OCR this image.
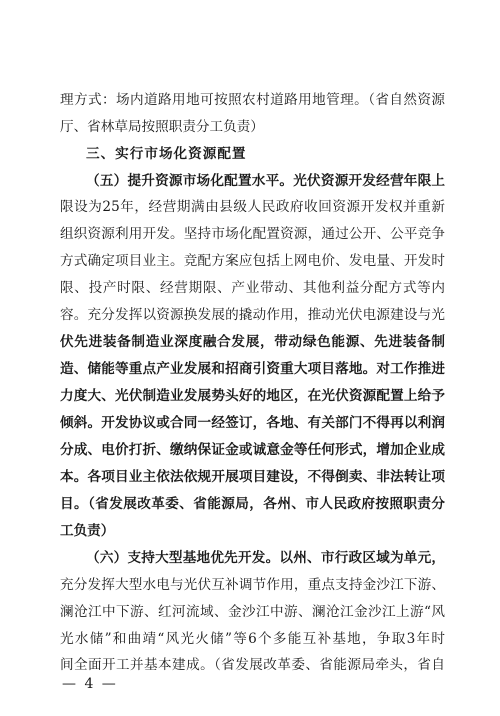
理方式：场内道路用地可按照农村道路用地管理。（省自然资源
厅、省林草局按照职责分工负责）
三、实行市场化资源配置
（五）提升资源市场化配置水平。光伏资源开发经营年限上
限设为25年，经营期满由县级人民政府收回资源开发权并重新
组织资源利用开发。坚持市场化配置资源，通过公开、公平竞争
方式确定项目业主。竞配方案应包括上网电价、发电量、开发时
限、投产时限、经营期限、产业带动、其他利益分配方式等内
容。充分发挥以资源换发展的撬动作用，推动光伏电源建设与光
伏先进装备制造业深度融合发展，带动绿色能源、先进装备制
造、储能等重点产业发展和招商引资重大项目落地。对工作推进
力度大、光伏制造业发展势头好的地区，在光伏资源配置上给予
倾斜。开发协议或合同一经签订，各地、有关部门不得再以利润
分成、电价打折、缴纳保证金或诚意金等任何形式，增加企业成
本。各项目业主依法依规开展项目建设，不得倒卖、非法转让项
目。（省发展改革委、省能源局，各州、市人民政府按照职责分
工负责）
（六）支持大型基地优先开发。以州、市行政区域为单元，
充分发挥大型水电与光伏互补调节作用，重点支持金沙江下游、
澜沧江中下游、红河流域、金沙江中游、澜沧江金沙江上游“风
光水储”和曲靖“风光火储”等6个多能互补基地，争取3年时
间全面开工并基本建成。（省发展改革委、省能源局牵头，省自
— 4 —
